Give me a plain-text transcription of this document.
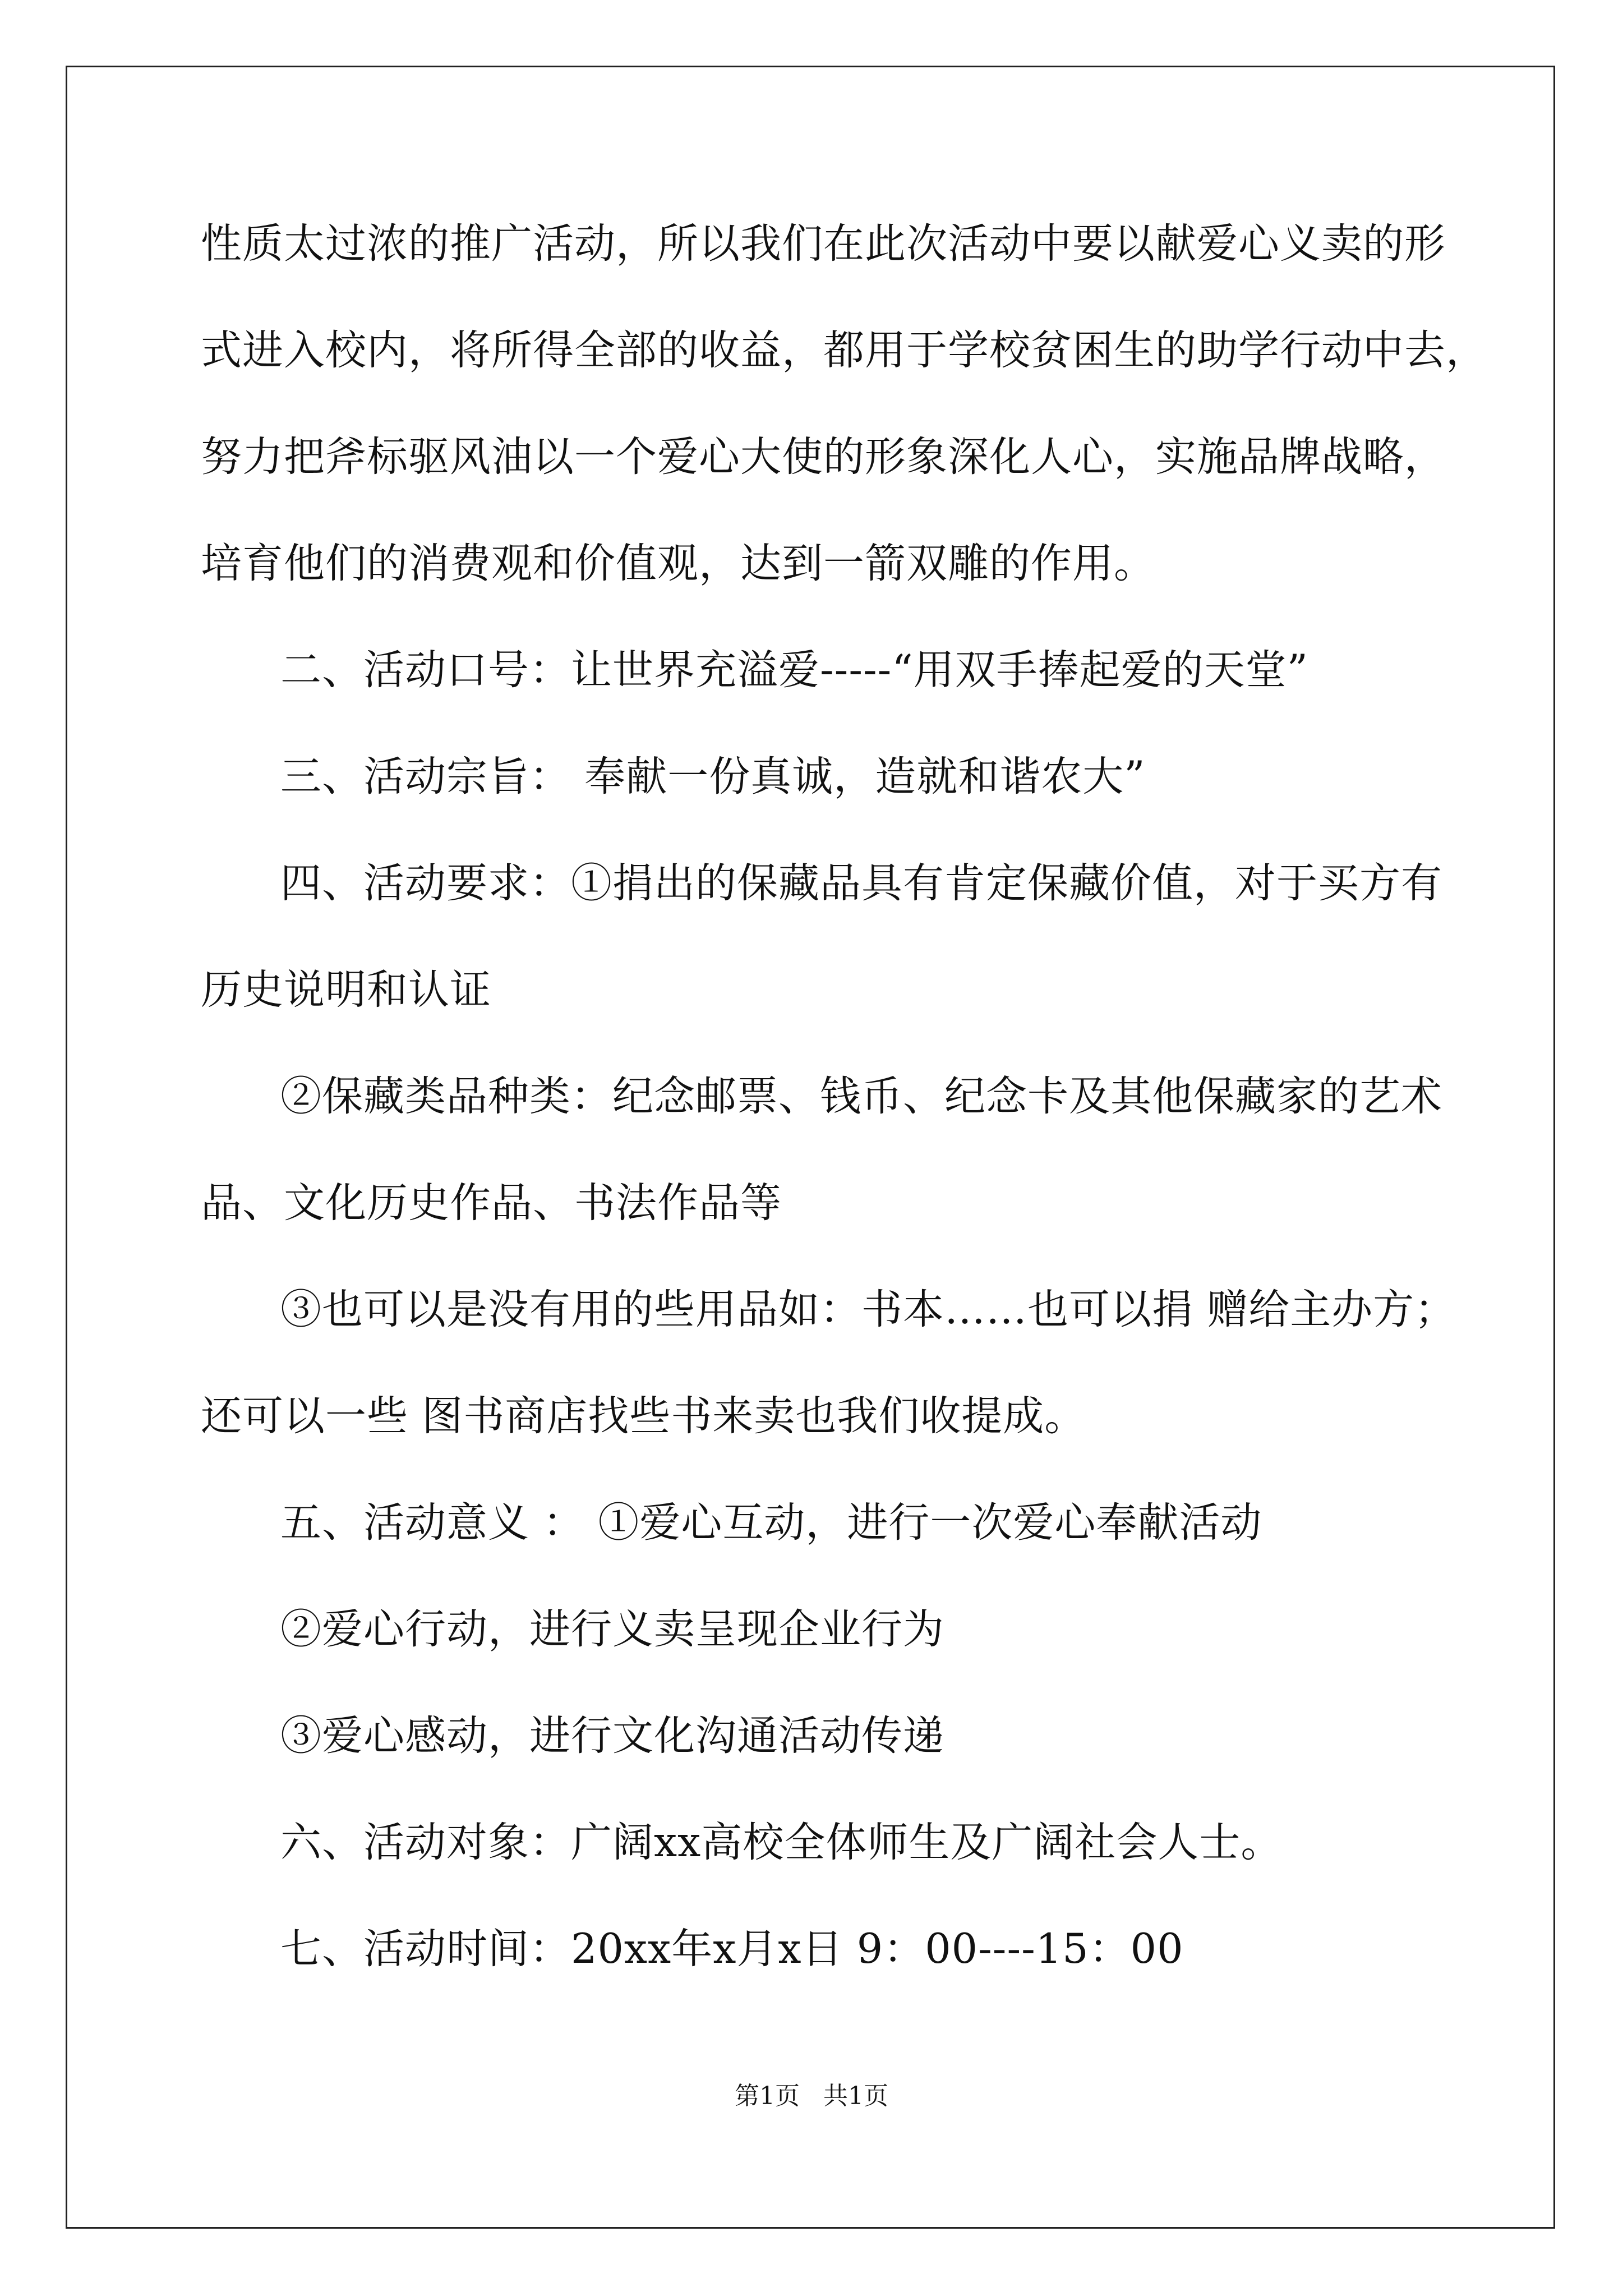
性质太过浓的推广活动，所以我们在此次活动中要以献爱心义卖的形
式进入校内，将所得全部的收益，都用于学校贫困生的助学行动中去，
努力把斧标驱风油以一个爱心大使的形象深化人心，实施品牌战略，
培育他们的消费观和价值观，达到一箭双雕的作用。
二、活动口号：让世界充溢爱-----“用双手捧起爱的天堂”
三、活动宗旨： 奉献一份真诚，造就和谐农大”
四、活动要求：①捐出的保藏品具有肯定保藏价值，对于买方有
历史说明和认证
②保藏类品种类：纪念邮票、钱币、纪念卡及其他保藏家的艺术
品、文化历史作品、书法作品等
③也可以是没有用的些用品如：书本……也可以捐 赠给主办方；
还可以一些 图书商店找些书来卖也我们收提成。
五、活动意义 ： ①爱心互动，进行一次爱心奉献活动
②爱心行动，进行义卖呈现企业行为
③爱心感动，进行文化沟通活动传递
六、活动对象：广阔xx高校全体师生及广阔社会人士。
七、活动时间：20xx年x月x日 9：00----15：00
第1页   共1页
